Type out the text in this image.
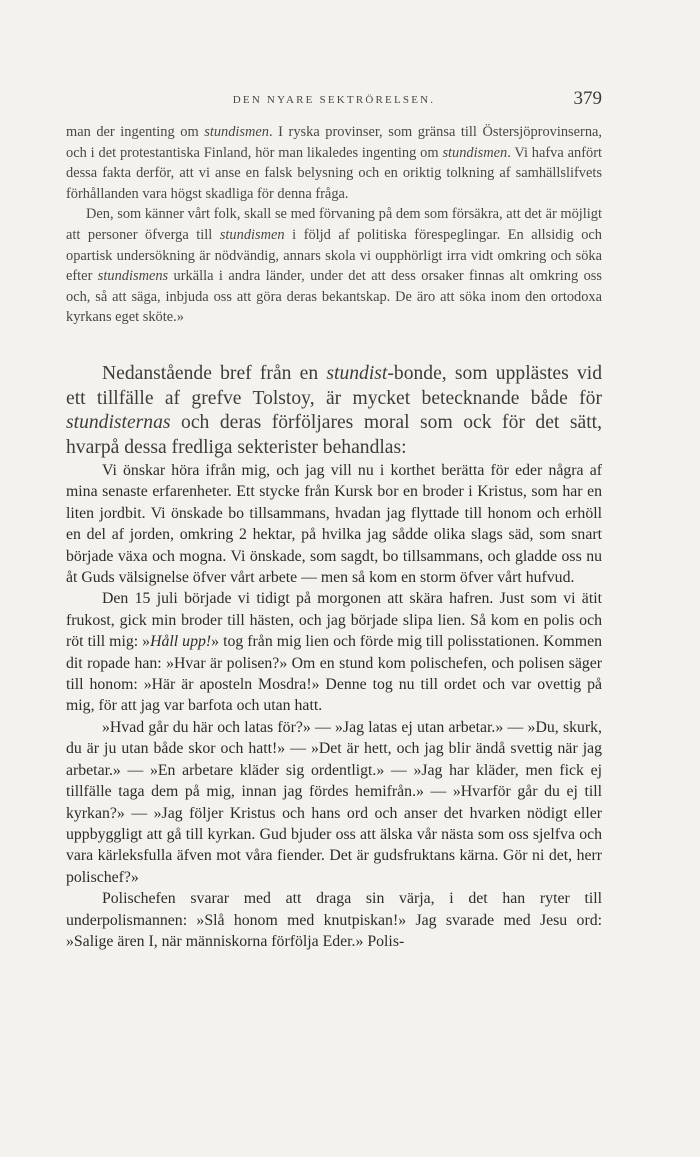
DEN NYARE SEKTRÖRELSEN.	379

man der ingenting om stundismen. I ryska provinser, som gränsa till Östersjöprovinserna, och i det protestantiska Finland, hör man likaledes ingenting om stundismen. Vi hafva anfört dessa fakta derför, att vi anse en falsk belysning och en oriktig tolkning af samhällslifvets förhållanden vara högst skadliga för denna fråga.

Den, som känner vårt folk, skall se med förvaning på dem som försäkra, att det är möjligt att personer öfverga till stundismen i följd af politiska förespeglingar. En allsidig och opartisk undersökning är nödvändig, annars skola vi oupphörligt irra vidt omkring och söka efter stundismens urkälla i andra länder, under det att dess orsaker finnas alt omkring oss och, så att säga, inbjuda oss att göra deras bekantskap. De äro att söka inom den ortodoxa kyrkans eget sköte.»

Nedanstående bref från en stundist-bonde, som upplästes vid ett tillfälle af grefve Tolstoy, är mycket betecknande både för stundisternas och deras förföljares moral som ock för det sätt, hvarpå dessa fredliga sekterister behandlas:

Vi önskar höra ifrån mig, och jag vill nu i korthet berätta för eder några af mina senaste erfarenheter. Ett stycke från Kursk bor en broder i Kristus, som har en liten jordbit. Vi önskade bo tillsammans, hvadan jag flyttade till honom och erhöll en del af jorden, omkring 2 hektar, på hvilka jag sådde olika slags säd, som snart började växa och mogna. Vi önskade, som sagdt, bo tillsammans, och gladde oss nu åt Guds välsignelse öfver vårt arbete — men så kom en storm öfver vårt hufvud.

Den 15 juli började vi tidigt på morgonen att skära hafren. Just som vi ätit frukost, gick min broder till hästen, och jag började slipa lien. Så kom en polis och röt till mig: »Håll upp!» tog från mig lien och förde mig till polisstationen. Kommen dit ropade han: »Hvar är polisen?» Om en stund kom polischefen, och polisen säger till honom: »Här är aposteln Mosdra!» Denne tog nu till ordet och var ovettig på mig, för att jag var barfota och utan hatt.

»Hvad går du här och latas för?» — »Jag latas ej utan arbetar.» — »Du, skurk, du är ju utan både skor och hatt!» — »Det är hett, och jag blir ändå svettig när jag arbetar.» — »En arbetare kläder sig ordentligt.» — »Jag har kläder, men fick ej tillfälle taga dem på mig, innan jag fördes hemifrån.» — »Hvarför går du ej till kyrkan?» — »Jag följer Kristus och hans ord och anser det hvarken nödigt eller uppbyggligt att gå till kyrkan. Gud bjuder oss att älska vår nästa som oss sjelfva och vara kärleksfulla äfven mot våra fiender. Det är gudsfruktans kärna. Gör ni det, herr polischef?»

Polischefen svarar med att draga sin värja, i det han ryter till underpolismannen: »Slå honom med knutpiskan!» Jag svarade med Jesu ord: »Salige ären I, när människorna förfölja Eder.» Polis-
